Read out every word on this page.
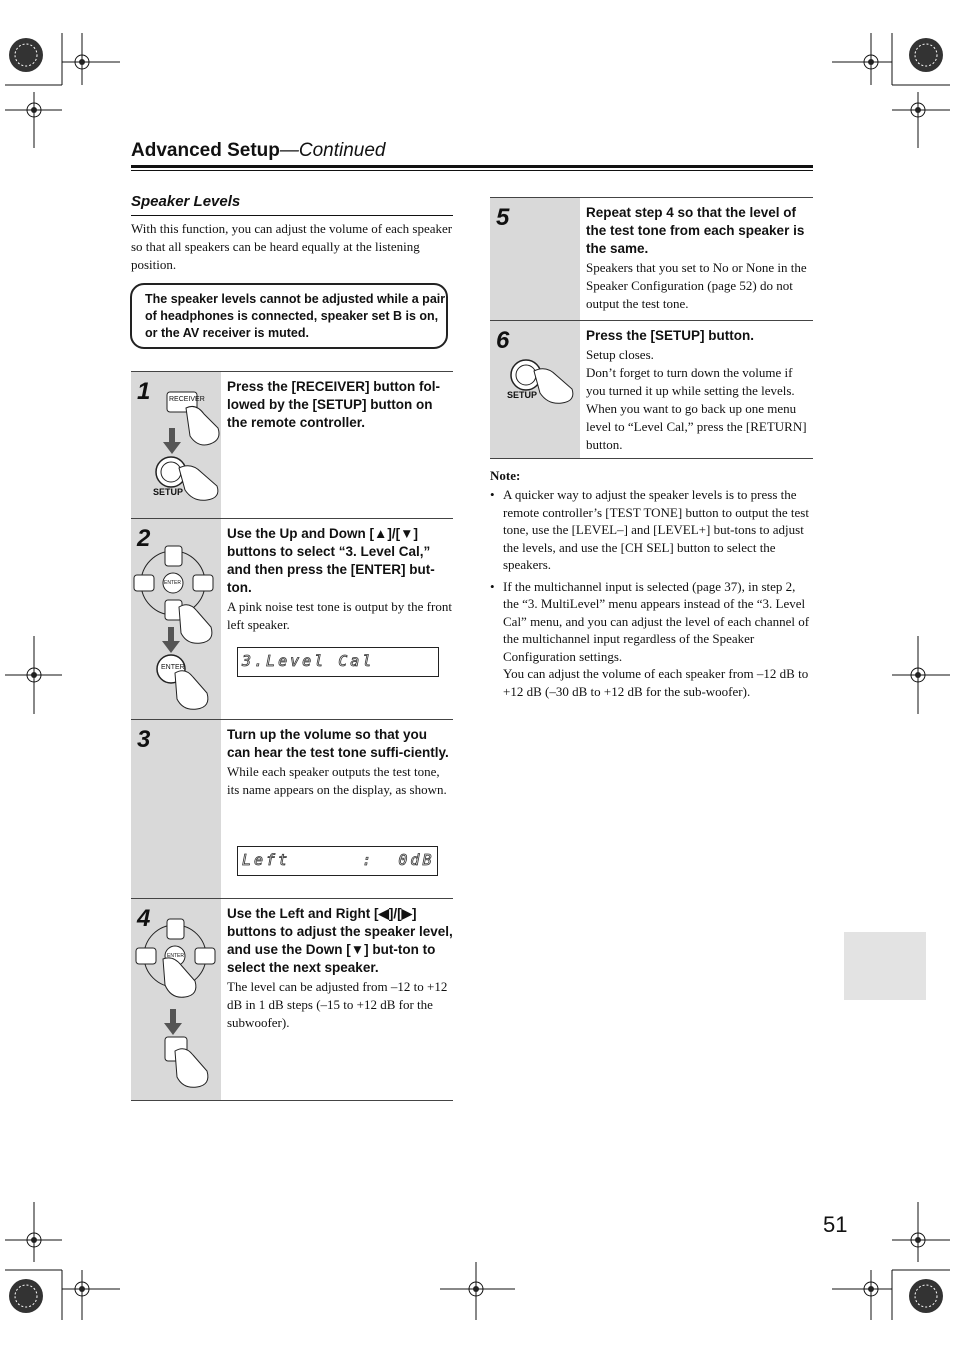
Advanced Setup—Continued
Speaker Levels
With this function, you can adjust the volume of each speaker so that all speakers can be heard equally at the listening position.
The speaker levels cannot be adjusted while a pair of headphones is connected, speaker set B is on, or the AV receiver is muted.
RECEIVER
SETUP
1	Press the [RECEIVER] button fol-lowed by the [SETUP] button on the remote controller.
ENTER
ENTER
2	Use the Up and Down [▲]/[▼] buttons to select “3. Level Cal,” and then press the [ENTER] but-ton.
A pink noise test tone is output by the front left speaker.
3.Level Cal
3	Turn up the volume so that you can hear the test tone suffi-ciently.
While each speaker outputs the test tone, its name appears on the display, as shown.
Left      :  0dB
ENTER
4	Use the Left and Right [◀]/[▶] buttons to adjust the speaker level, and use the Down [▼] but-ton to select the next speaker.
The level can be adjusted from –12 to +12 dB in 1 dB steps (–15 to +12 dB for the subwoofer).
5	Repeat step 4 so that the level of the test tone from each speaker is the same.
Speakers that you set to No or None in the Speaker Configuration (page 52) do not output the test tone.
SETUP
6	Press the [SETUP] button.
Setup closes.
Don’t forget to turn down the volume if you turned it up while setting the levels.
When you want to go back up one menu level to “Level Cal,” press the [RETURN] button.
Note:
• A quicker way to adjust the speaker levels is to press the remote controller’s [TEST TONE] button to output the test tone, use the [LEVEL–] and [LEVEL+] but-tons to adjust the levels, and use the [CH SEL] button to select the speakers.
• If the multichannel input is selected (page 37), in step 2, the “3. MultiLevel” menu appears instead of the “3. Level Cal” menu, and you can adjust the level of each channel of the multichannel input regardless of the Speaker Configuration settings.
You can adjust the volume of each speaker from –12 dB to +12 dB (–30 dB to +12 dB for the sub-woofer).
51
